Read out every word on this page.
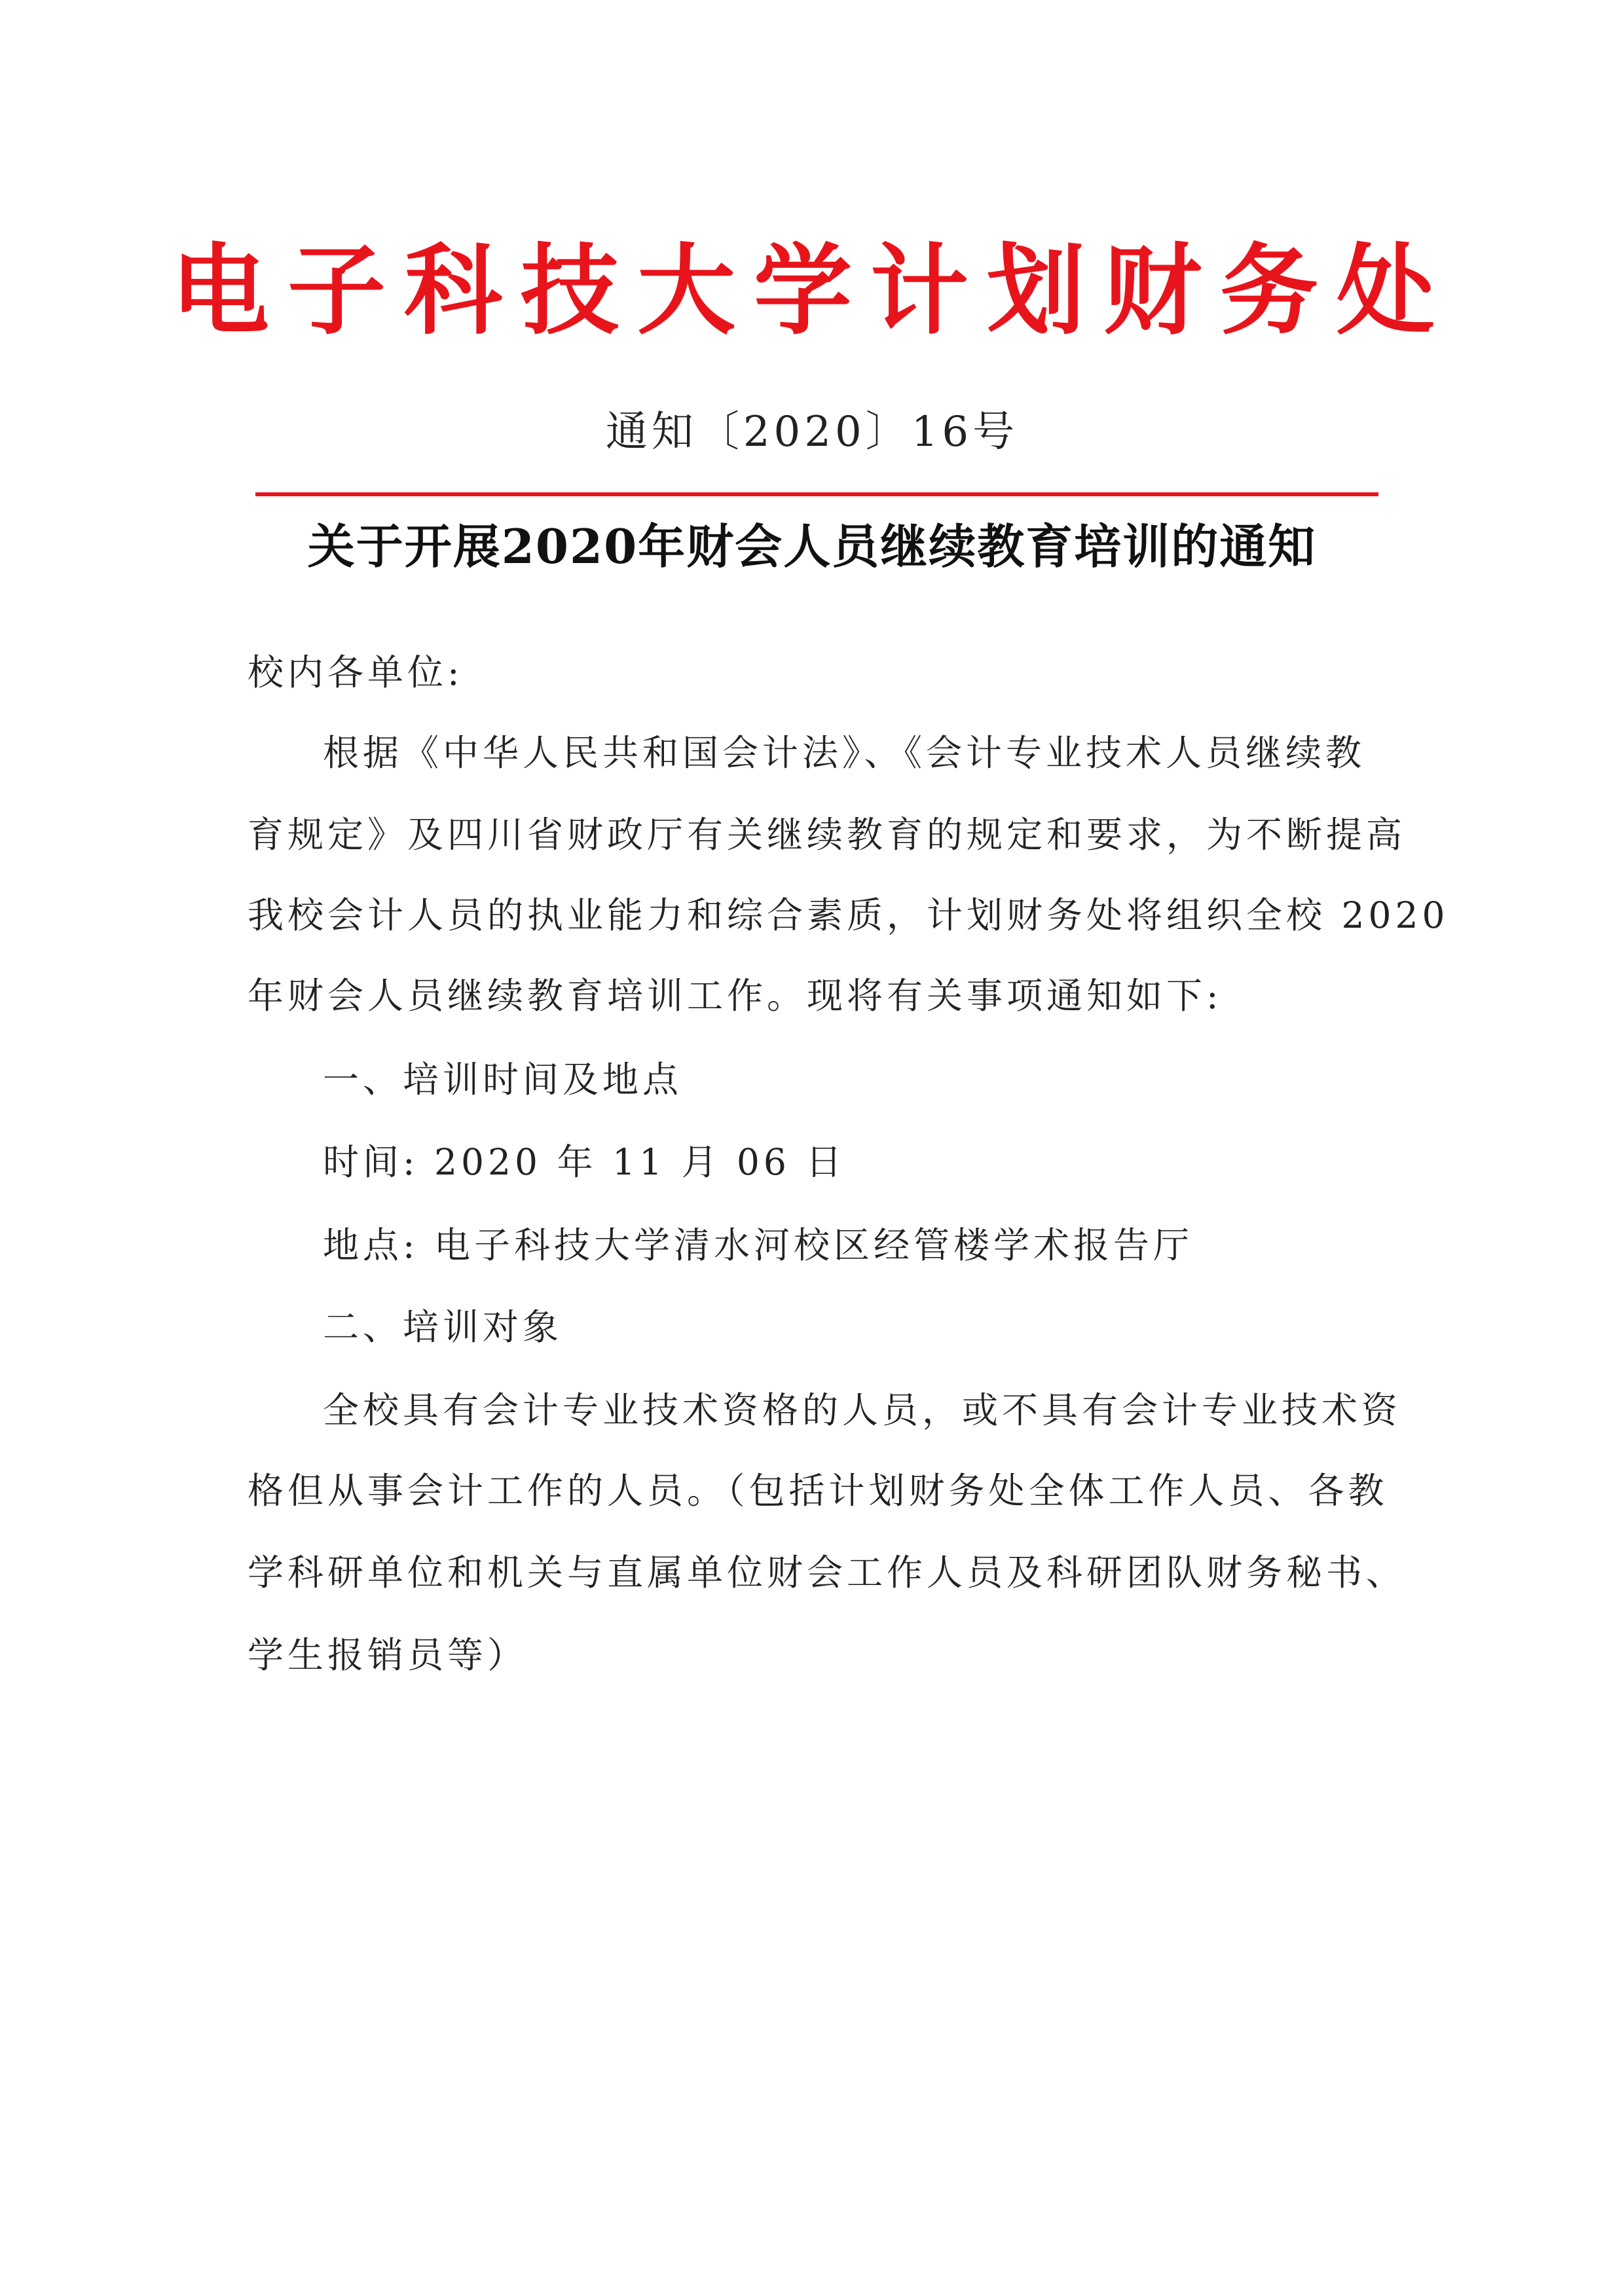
电子科技大学计划财务处
通知〔2020〕16号
关于开展2020年财会人员继续教育培训的通知
校内各单位:
根据《中华人民共和国会计法》、《会计专业技术人员继续教
育规定》及四川省财政厅有关继续教育的规定和要求，为不断提高
我校会计人员的执业能力和综合素质，计划财务处将组织全校 2020
年财会人员继续教育培训工作。现将有关事项通知如下:
一、培训时间及地点
时间: 2020 年 11 月 06 日
地点: 电子科技大学清水河校区经管楼学术报告厅
二、培训对象
全校具有会计专业技术资格的人员，或不具有会计专业技术资
格但从事会计工作的人员。（包括计划财务处全体工作人员、各教
学科研单位和机关与直属单位财会工作人员及科研团队财务秘书、
学生报销员等）
